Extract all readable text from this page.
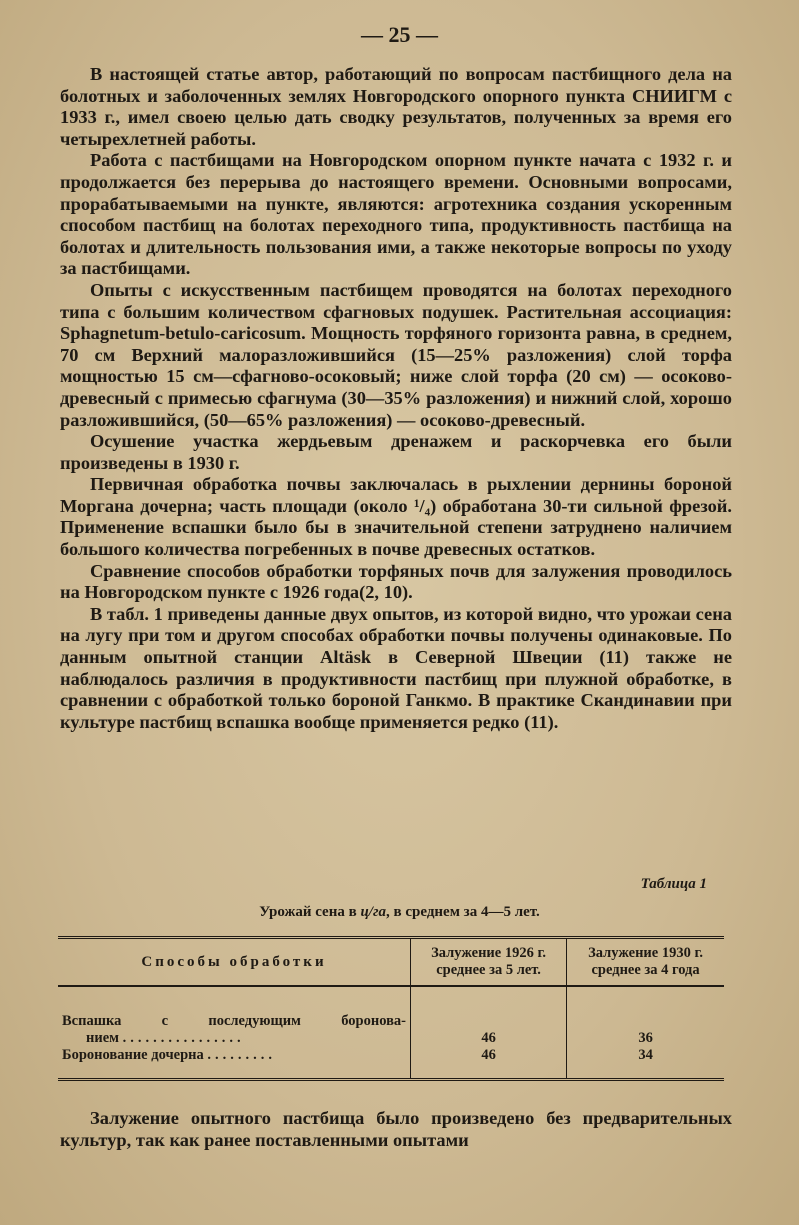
— 25 —

В настоящей статье автор, работающий по вопросам пастбищного дела на болотных и заболоченных землях Новгородского опорного пункта СНИИГМ с 1933 г., имел своею целью дать сводку результатов, полученных за время его четырехлетней работы.

Работа с пастбищами на Новгородском опорном пункте начата с 1932 г. и продолжается без перерыва до настоящего времени. Основными вопросами, прорабатываемыми на пункте, являются: агротехника создания ускоренным способом пастбищ на болотах переходного типа, продуктивность пастбища на болотах и длительность пользования ими, а также некоторые вопросы по уходу за пастбищами.

Опыты с искусственным пастбищем проводятся на болотах переходного типа с большим количеством сфагновых подушек. Растительная ассоциация: Sphagnetum-betulo-caricosum. Мощность торфяного горизонта равна, в среднем, 70 см Верхний малоразложившийся (15—25% разложения) слой торфа мощностью 15 см—сфагново-осоковый; ниже слой торфа (20 см) — осоково-древесный с примесью сфагнума (30—35% разложения) и нижний слой, хорошо разложившийся, (50—65% разложения) — осоково-древесный.

Осушение участка жердьевым дренажем и раскорчевка его были произведены в 1930 г.

Первичная обработка почвы заключалась в рыхлении дернины бороной Моргана дочерна; часть площади (около ¹/₄) обработана 30-ти сильной фрезой. Применение вспашки было бы в значительной степени затруднено наличием большого количества погребенных в почве древесных остатков.

Сравнение способов обработки торфяных почв для залужения проводилось на Новгородском пункте с 1926 года(2, 10).

В табл. 1 приведены данные двух опытов, из которой видно, что урожаи сена на лугу при том и другом способах обработки почвы получены одинаковые. По данным опытной станции Altäsk в Северной Швеции (11) также не наблюдалось различия в продуктивности пастбищ при плужной обработке, в сравнении с обработкой только бороной Ганкмо. В практике Скандинавии при культуре пастбищ вспашка вообще применяется редко (11).

Таблица 1
Урожай сена в ц/га, в среднем за 4—5 лет.
Способы обработки	Залужение 1926 г. среднее за 5 лет.	Залужение 1930 г. среднее за 4 года

Вспашка с последующим боронова-
нием ................	46	36
Боронование дочерна .........	46	34

Залужение опытного пастбища было произведено без предварительных культур, так как ранее поставленными опытами
